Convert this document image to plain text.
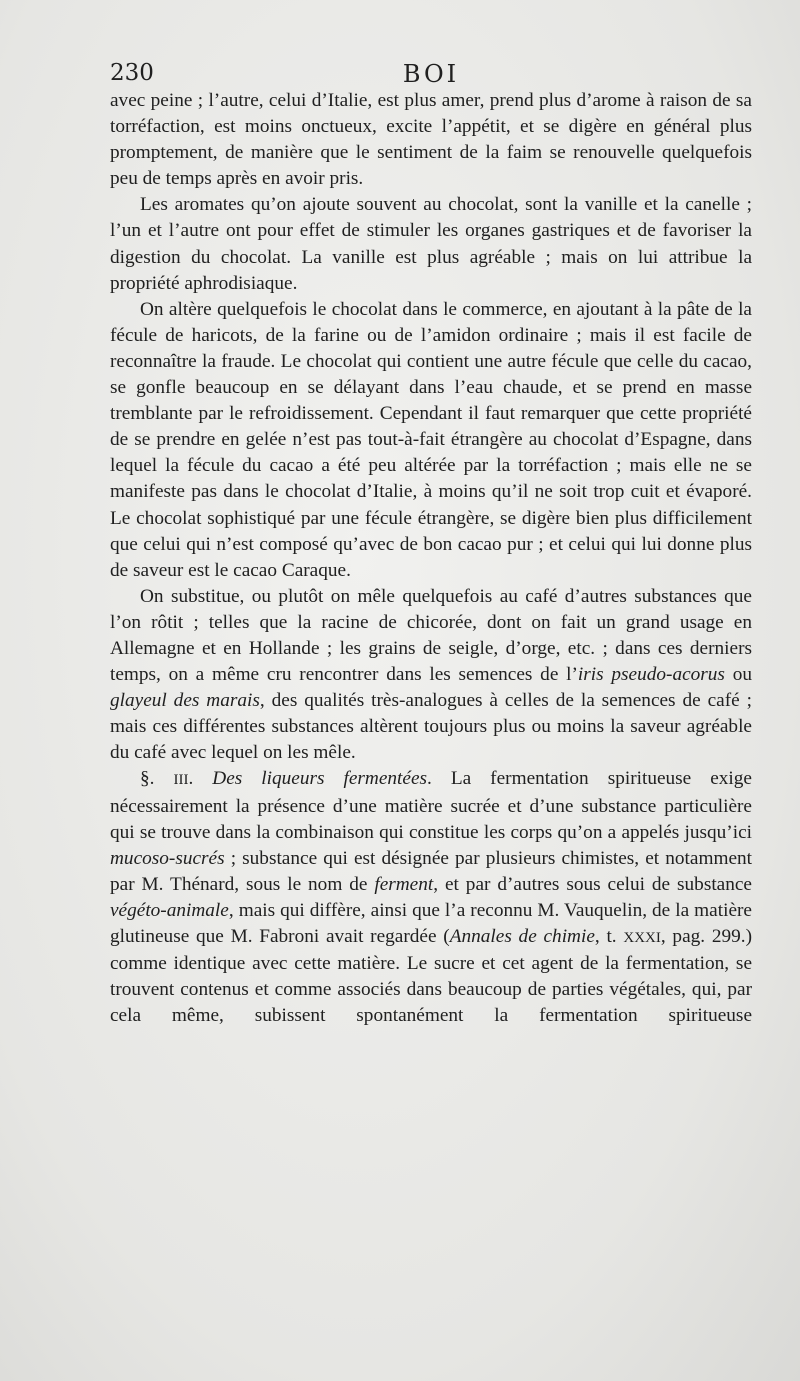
230	BOI

avec peine ; l’autre, celui d’Italie, est plus amer, prend plus d’arome à raison de sa torréfaction, est moins onctueux, excite l’appétit, et se digère en général plus promptement, de manière que le sentiment de la faim se renouvelle quelquefois peu de temps après en avoir pris.

Les aromates qu’on ajoute souvent au chocolat, sont la vanille et la canelle ; l’un et l’autre ont pour effet de stimuler les organes gastriques et de favoriser la digestion du chocolat. La vanille est plus agréable ; mais on lui attribue la propriété aphrodisiaque.

On altère quelquefois le chocolat dans le commerce, en ajoutant à la pâte de la fécule de haricots, de la farine ou de l’amidon ordinaire ; mais il est facile de reconnaître la fraude. Le chocolat qui contient une autre fécule que celle du cacao, se gonfle beaucoup en se délayant dans l’eau chaude, et se prend en masse tremblante par le refroidissement. Cependant il faut remarquer que cette propriété de se prendre en gelée n’est pas tout-à-fait étrangère au chocolat d’Espagne, dans lequel la fécule du cacao a été peu altérée par la torréfaction ; mais elle ne se manifeste pas dans le chocolat d’Italie, à moins qu’il ne soit trop cuit et évaporé. Le chocolat sophistiqué par une fécule étrangère, se digère bien plus difficilement que celui qui n’est composé qu’avec de bon cacao pur ; et celui qui lui donne plus de saveur est le cacao Caraque.

On substitue, ou plutôt on mêle quelquefois au café d’autres substances que l’on rôtit ; telles que la racine de chicorée, dont on fait un grand usage en Allemagne et en Hollande ; les grains de seigle, d’orge, etc. ; dans ces derniers temps, on a même cru rencontrer dans les semences de l’iris pseudo-acorus ou glayeul des marais, des qualités très-analogues à celles de la semences de café ; mais ces différentes substances altèrent toujours plus ou moins la saveur agréable du café avec lequel on les mêle.

§. III. Des liqueurs fermentées. La fermentation spiritueuse exige nécessairement la présence d’une matière sucrée et d’une substance particulière qui se trouve dans la combinaison qui constitue les corps qu’on a appelés jusqu’ici mucoso-sucrés ; substance qui est désignée par plusieurs chimistes, et notamment par M. Thénard, sous le nom de ferment, et par d’autres sous celui de substance végéto-animale, mais qui diffère, ainsi que l’a reconnu M. Vauquelin, de la matière glutineuse que M. Fabroni avait regardée (Annales de chimie, t. XXXI, pag. 299.) comme identique avec cette matière. Le sucre et cet agent de la fermentation, se trouvent contenus et comme associés dans beaucoup de parties végétales, qui, par cela même, subissent spontanément la fermentation spiritueuse
